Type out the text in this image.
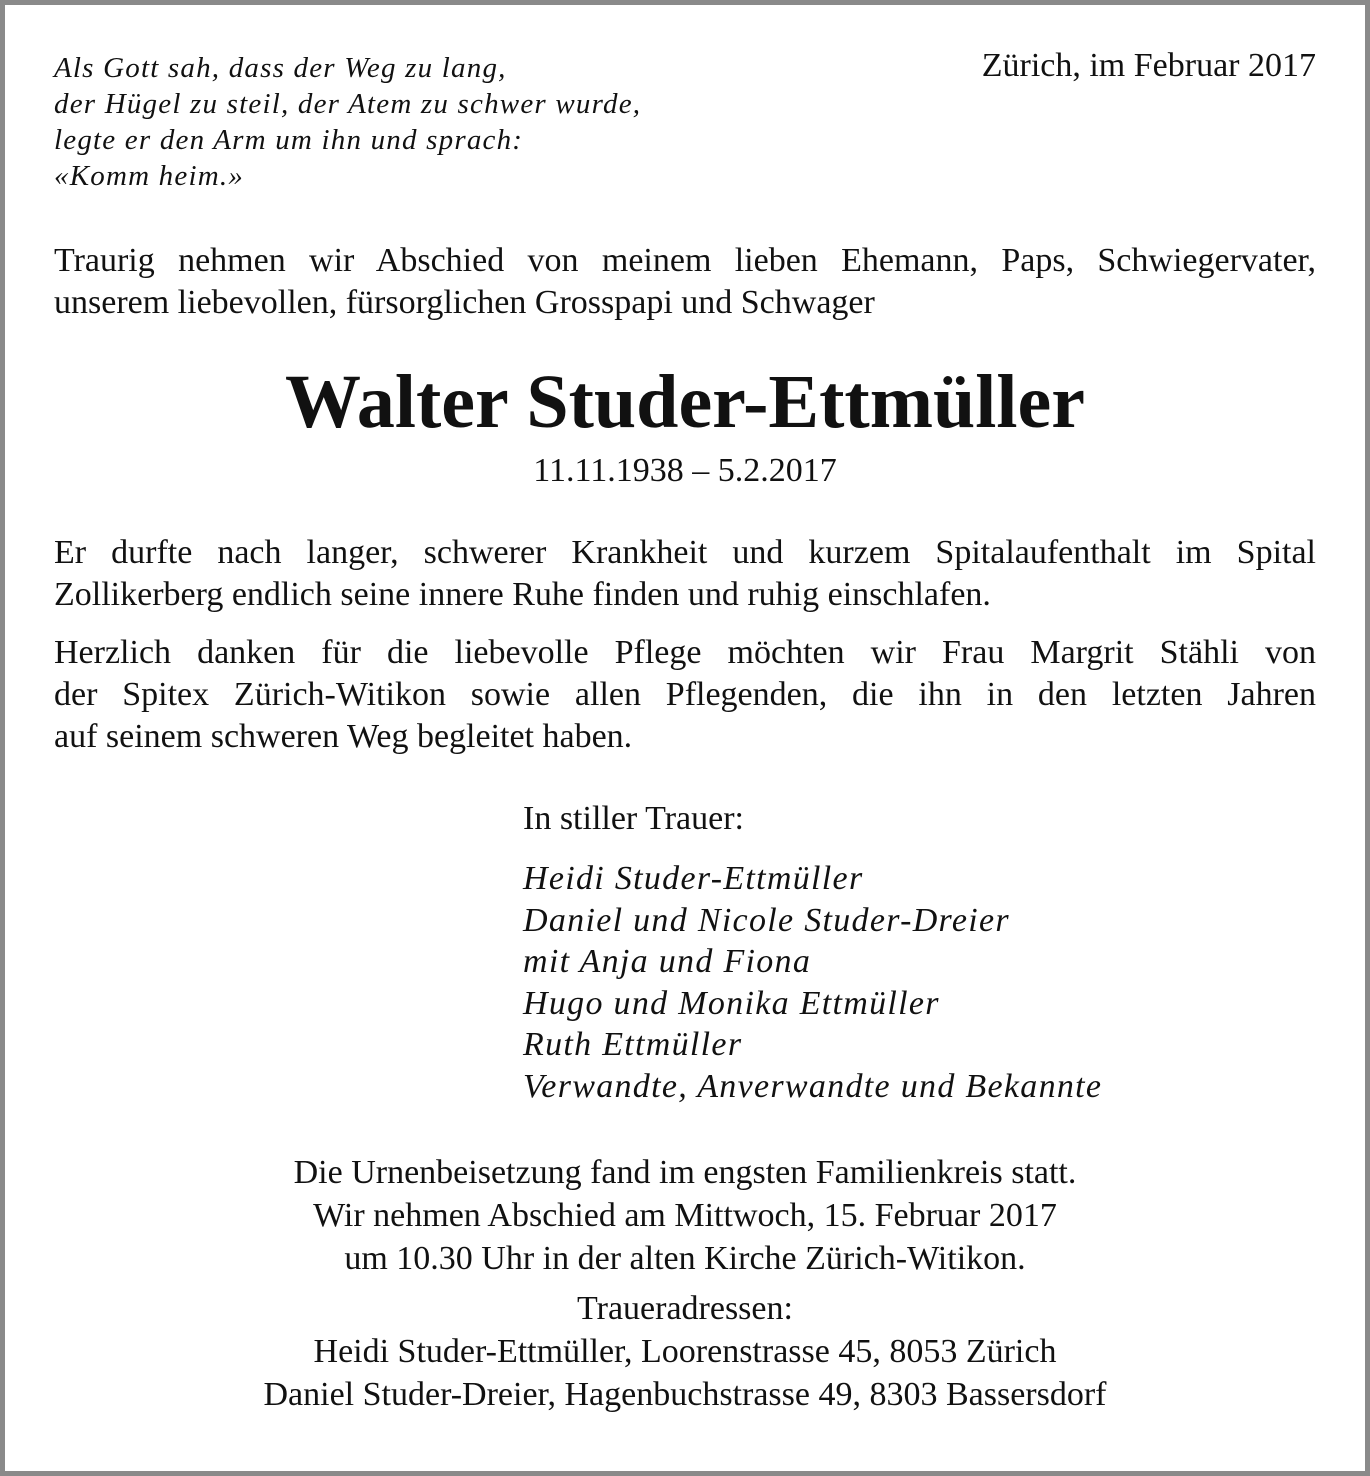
Als Gott sah, dass der Weg zu lang,
der Hügel zu steil, der Atem zu schwer wurde,
legte er den Arm um ihn und sprach:
«Komm heim.»
Zürich, im Februar 2017
Traurig nehmen wir Abschied von meinem lieben Ehemann, Paps, Schwiegervater,
unserem liebevollen, fürsorglichen Grosspapi und Schwager
Walter Studer-Ettmüller
11.11.1938 – 5.2.2017
Er durfte nach langer, schwerer Krankheit und kurzem Spitalaufenthalt im Spital
Zollikerberg endlich seine innere Ruhe finden und ruhig einschlafen.
Herzlich danken für die liebevolle Pflege möchten wir Frau Margrit Stähli von
der Spitex Zürich-Witikon sowie allen Pflegenden, die ihn in den letzten Jahren
auf seinem schweren Weg begleitet haben.
In stiller Trauer:
Heidi Studer-Ettmüller
Daniel und Nicole Studer-Dreier
mit Anja und Fiona
Hugo und Monika Ettmüller
Ruth Ettmüller
Verwandte, Anverwandte und Bekannte
Die Urnenbeisetzung fand im engsten Familienkreis statt.
Wir nehmen Abschied am Mittwoch, 15. Februar 2017
um 10.30 Uhr in der alten Kirche Zürich-Witikon.
Traueradressen:
Heidi Studer-Ettmüller, Loorenstrasse 45, 8053 Zürich
Daniel Studer-Dreier, Hagenbuchstrasse 49, 8303 Bassersdorf
